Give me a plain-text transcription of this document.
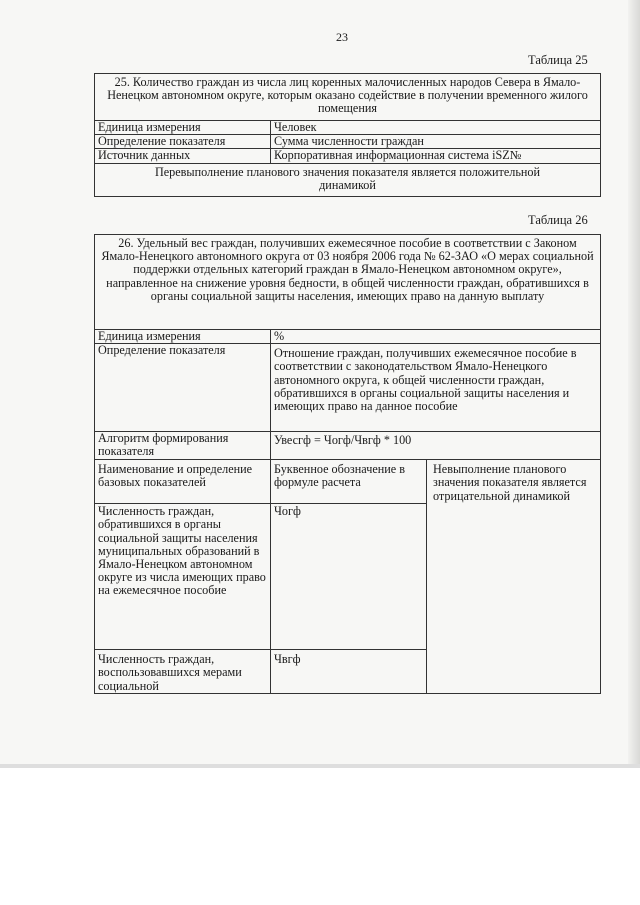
23
Таблица 25
25. Количество граждан из числа лиц коренных малочисленных народов Севера в Ямало-Ненецком автономном округе, которым оказано содействие в получении временного жилого помещения	
Единица измерения	Человек
Определение показателя	Сумма численности граждан
Источник данных	Корпоративная информационная система iSZ№
Перевыполнение планового значения показателя является положительной динамикой	
Таблица 26
26. Удельный вес граждан, получивших ежемесячное пособие в соответствии с Законом Ямало-Ненецкого автономного округа от 03 ноября 2006 года № 62-ЗАО «О мерах социальной поддержки отдельных категорий граждан в Ямало-Ненецком автономном округе», направленное на снижение уровня бедности, в общей численности граждан, обратившихся в органы социальной защиты населения, имеющих право на данную выплату		
Единица измерения	%	
Определение показателя	Отношение граждан, получивших ежемесячное пособие в соответствии с законодательством Ямало-Ненецкого автономного округа, к общей численности граждан, обратившихся в органы социальной защиты населения и имеющих право на данное пособие	
Алгоритм формирования показателя	Увесгф = Чогф/Чвгф * 100	
Наименование и определение базовых показателей	Буквенное обозначение в формуле расчета	Невыполнение планового значения показателя является отрицательной динамикой
Численность граждан, обратившихся в органы социальной защиты населения муниципальных образований в Ямало-Ненецком автономном округе из числа имеющих право на ежемесячное пособие	Чогф	
Численность граждан, воспользовавшихся мерами социальной	Чвгф	
